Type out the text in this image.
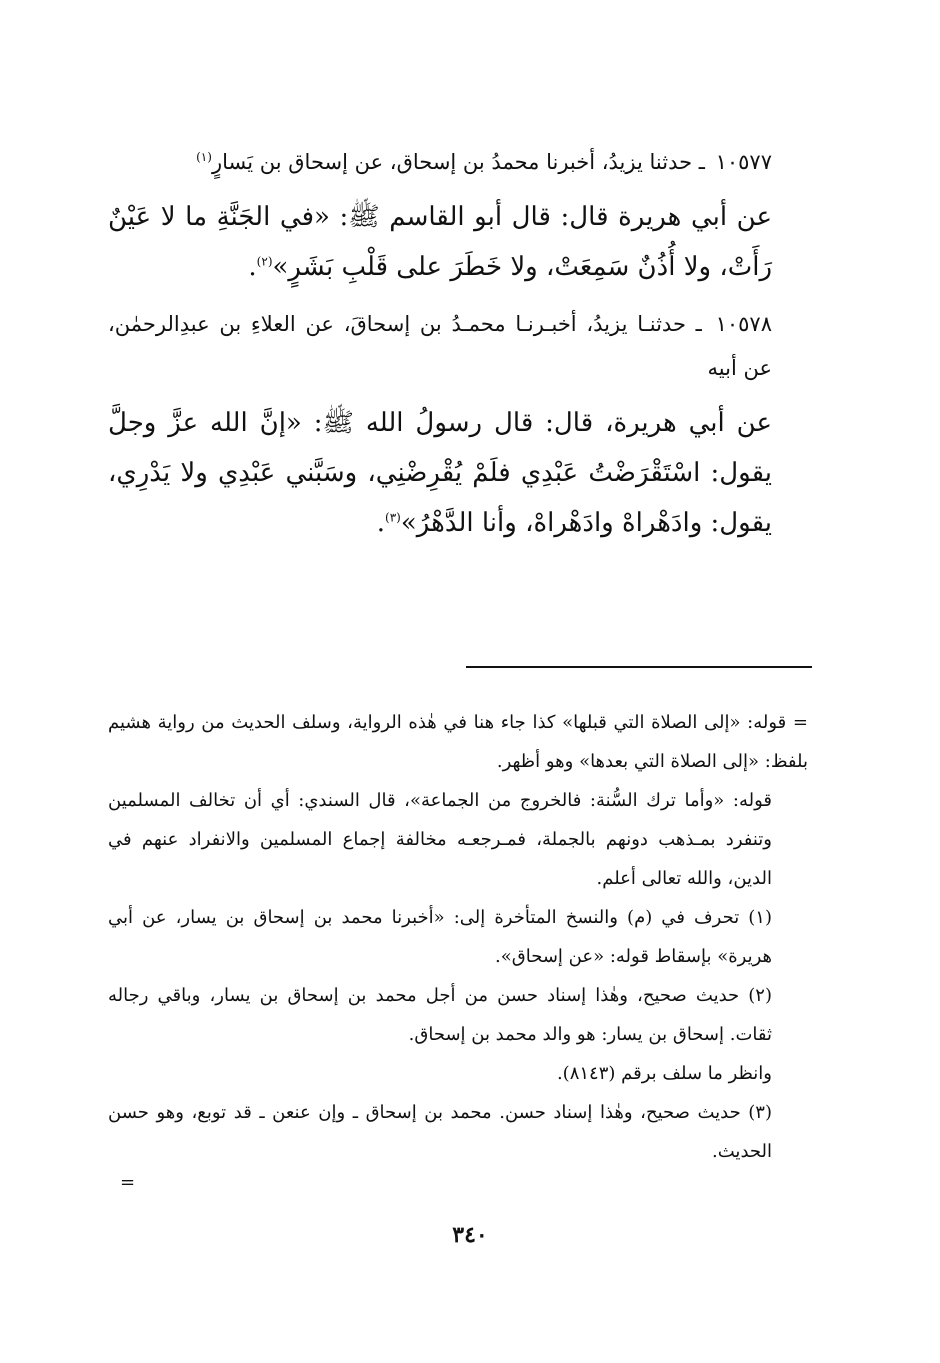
١٠٥٧٧ ـ حدثنا يزيدُ، أخبرنا محمدُ بن إسحاق، عن إسحاق بن يَسارٍ$^{(١)}$

عن أبي هريرة قال: قال أبو القاسم ﷺ: «في الجَنَّةِ ما لا عَيْنٌ رَأَتْ، ولا أُذُنٌ سَمِعَتْ، ولا خَطَرَ على قَلْبِ بَشَرٍ»$^{(٢)}$.

١٠٥٧٨ ـ حدثنـا يزيدُ، أخبـرنـا محمـدُ بن إسحاقَ، عن العلاءِ بن عبدِالرحمٰن، عن أبيه

عن أبي هريرة، قال: قال رسولُ الله ﷺ: «إنَّ الله عزَّ وجلَّ يقول: اسْتَقْرَضْتُ عَبْدِي فلَمْ يُقْرِضْنِي، وسَبَّني عَبْدِي ولا يَدْرِي، يقول: وادَهْراهْ وادَهْراهْ، وأنا الدَّهْرُ»$^{(٣)}$.

= قوله: «إلى الصلاة التي قبلها» كذا جاء هنا في هٰذه الرواية، وسلف الحديث من رواية هشيم بلفظ: «إلى الصلاة التي بعدها» وهو أظهر.

قوله: «وأما ترك السُّنة: فالخروج من الجماعة»، قال السندي: أي أن تخالف المسلمين وتنفرد بمـذهب دونهم بالجملة، فمـرجعـه مخالفة إجماع المسلمين والانفراد عنهم في الدين، والله تعالى أعلم.

(١) تحرف في (م) والنسخ المتأخرة إلى: «أخبرنا محمد بن إسحاق بن يسار، عن أبي هريرة» بإسقاط قوله: «عن إسحاق».

(٢) حديث صحيح، وهٰذا إسناد حسن من أجل محمد بن إسحاق بن يسار، وباقي رجاله ثقات. إسحاق بن يسار: هو والد محمد بن إسحاق.

وانظر ما سلف برقم (٨١٤٣).

(٣) حديث صحيح، وهٰذا إسناد حسن. محمد بن إسحاق ـ وإن عنعن ـ قد توبع، وهو حسن الحديث.

=
٣٤٠
